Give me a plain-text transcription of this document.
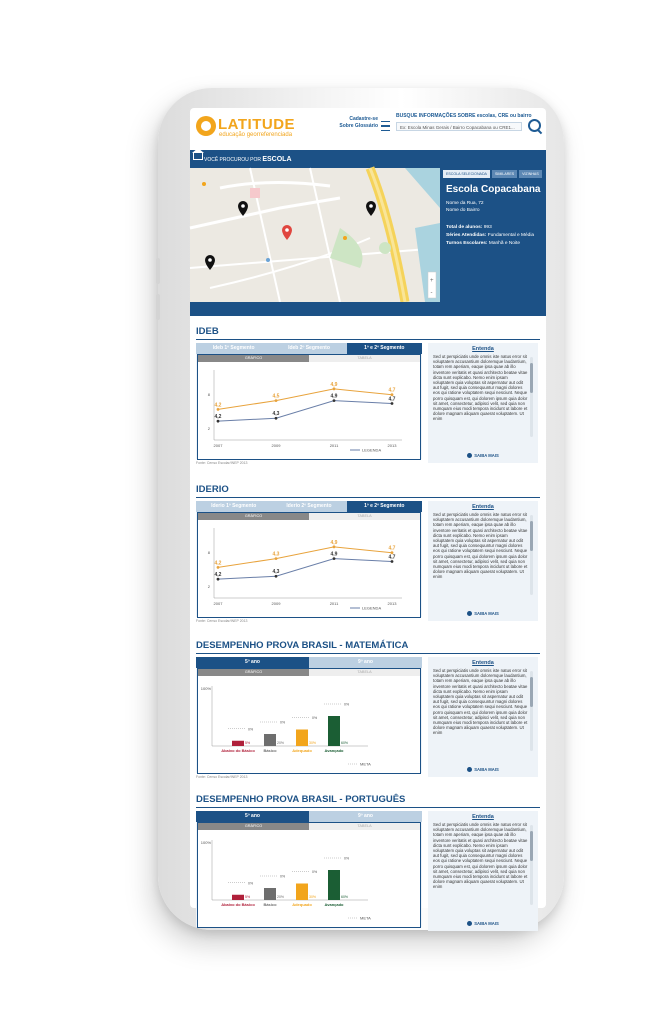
LATITUDE
educação georreferenciada
Cadastre-se Sobre Glossário
BUSQUE INFORMAÇÕES SOBRE escolas, CRE ou bairro
Ex: Escola Minas Gerais / Bairro Copacabana ou CRE1...
VOCÊ PROCUROU POR ESCOLA
+
-
ESCOLA SELECIONADA	SIMILARES	VIZINHAS
Escola Copacabana
Nome da Rua, 72
Nome do Bairro
Total de alunos: 993
Séries Atendidas: Fundamental e Média
Turnos Escolares: Manhã e Noite
IDEB
Ideb 1º Segmento	Ideb 2º Segmento	1º e 2º Segmento
GRÁFICO	TABELA
8
2
2007	2009	2011	2013
4,2
4,5
4,9
4,7
4,2	4,3
4,9	4,7
LEGENDA
Fonte: Censo Escolar/INEP 2013
Entenda
Sed ut perspiciatis unde omnis iste natus error sit voluptatem accusantium doloremque laudantium, totam rem aperiam, eaque ipsa quae ab illo inventore veritatis et quasi architecto beatae vitae dicta sunt explicabo. Nemo enim ipsam voluptatem quia voluptas sit aspernatur aut odit aut fugit, sed quia consequuntur magni dolores eos qui ratione voluptatem sequi nesciunt. Neque porro quisquam est, qui dolorem ipsum quia dolor sit amet, consectetur, adipisci velit, sed quia non numquam eius modi tempora incidunt ut labore et dolore magnam aliquam quaerat voluptatem. Ut enim
SAIBA MAIS
IDERIO
Iderio 1º Segmento	Iderio 2º Segmento	1º e 2º Segmento
GRÁFICO	TABELA
8
2
2007	2009	2011	2013
4,2
4,3
4,9
4,7
4,2	4,3
4,9	4,7
LEGENDA
Fonte: Censo Escolar/INEP 2013
Entenda
Sed ut perspiciatis unde omnis iste natus error sit voluptatem accusantium doloremque laudantium, totam rem aperiam, eaque ipsa quae ab illo inventore veritatis et quasi architecto beatae vitae dicta sunt explicabo. Nemo enim ipsam voluptatem quia voluptas sit aspernatur aut odit aut fugit, sed quia consequuntur magni dolores eos qui ratione voluptatem sequi nesciunt. Neque porro quisquam est, qui dolorem ipsum quia dolor sit amet, consectetur, adipisci velit, sed quia non numquam eius modi tempora incidunt ut labore et dolore magnam aliquam quaerat voluptatem. Ut enim
SAIBA MAIS
DESEMPENHO PROVA BRASIL - MATEMÁTICA
5º ano	9º ano
GRÁFICO	TABELA
100%
0%
5%
Abaixo do Básico
0%
20%
Básico
0%
30%
Adequado
0%
60%
Avançado
META
Fonte: Censo Escolar/INEP 2013
Entenda
Sed ut perspiciatis unde omnis iste natus error sit voluptatem accusantium doloremque laudantium, totam rem aperiam, eaque ipsa quae ab illo inventore veritatis et quasi architecto beatae vitae dicta sunt explicabo. Nemo enim ipsam voluptatem quia voluptas sit aspernatur aut odit aut fugit, sed quia consequuntur magni dolores eos qui ratione voluptatem sequi nesciunt. Neque porro quisquam est, qui dolorem ipsum quia dolor sit amet, consectetur, adipisci velit, sed quia non numquam eius modi tempora incidunt ut labore et dolore magnam aliquam quaerat voluptatem. Ut enim
SAIBA MAIS
DESEMPENHO PROVA BRASIL - PORTUGUÊS
5º ano	9º ano
GRÁFICO	TABELA
100%
0%
5%
Abaixo do Básico
0%
20%
Básico
0%
30%
Adequado
0%
60%
Avançado
META
Entenda
Sed ut perspiciatis unde omnis iste natus error sit voluptatem accusantium doloremque laudantium, totam rem aperiam, eaque ipsa quae ab illo inventore veritatis et quasi architecto beatae vitae dicta sunt explicabo. Nemo enim ipsam voluptatem quia voluptas sit aspernatur aut odit aut fugit, sed quia consequuntur magni dolores eos qui ratione voluptatem sequi nesciunt. Neque porro quisquam est, qui dolorem ipsum quia dolor sit amet, consectetur, adipisci velit, sed quia non numquam eius modi tempora incidunt ut labore et dolore magnam aliquam quaerat voluptatem. Ut enim
SAIBA MAIS
